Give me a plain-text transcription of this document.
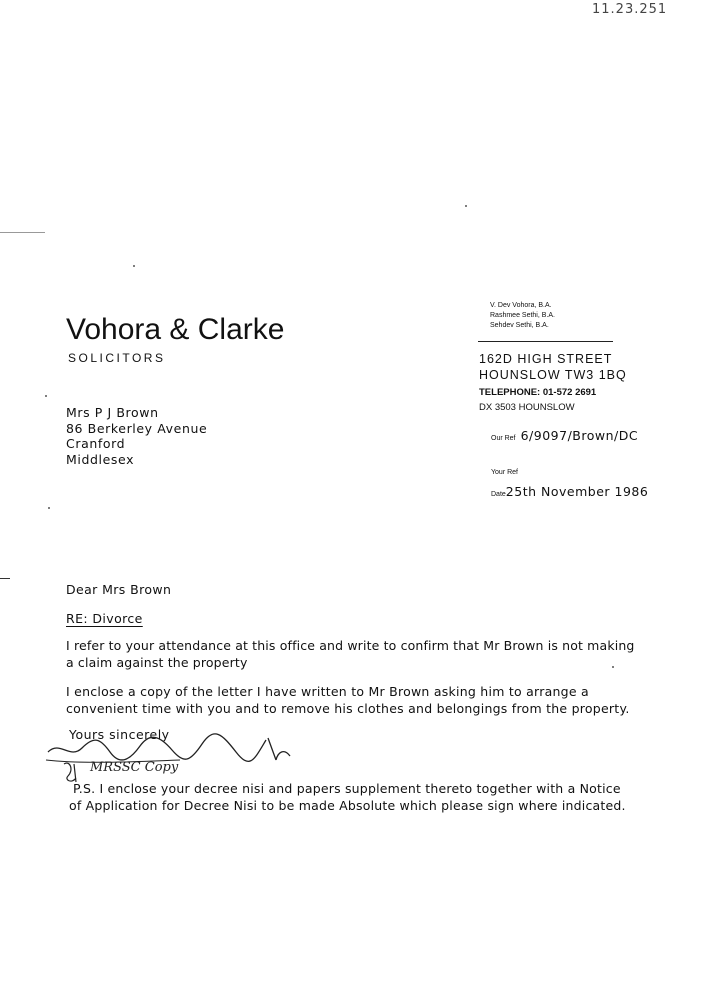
11.23.251
Vohora & Clarke
SOLICITORS
V. Dev Vohora, B.A.
Rashmee Sethi, B.A.
Sehdev Sethi, B.A.
162D HIGH STREET
HOUNSLOW TW3 1BQ
TELEPHONE: 01-572 2691
DX 3503 HOUNSLOW
Our Ref 6/9097/Brown/DC
Your Ref
Date25th November 1986
Mrs P J Brown
86 Berkerley Avenue
Cranford
Middlesex
Dear Mrs Brown
RE: Divorce
I refer to your attendance at this office and write to confirm that Mr Brown is not making
a claim against the property
I enclose a copy of the letter I have written to Mr Brown asking him to arrange a
convenient time with you and to remove his clothes and belongings from the property.
Yours sincerely
MRSSC Copy
P.S. I enclose your decree nisi and papers supplement thereto together with a Notice
of Application for Decree Nisi to be made Absolute which please sign where indicated.
